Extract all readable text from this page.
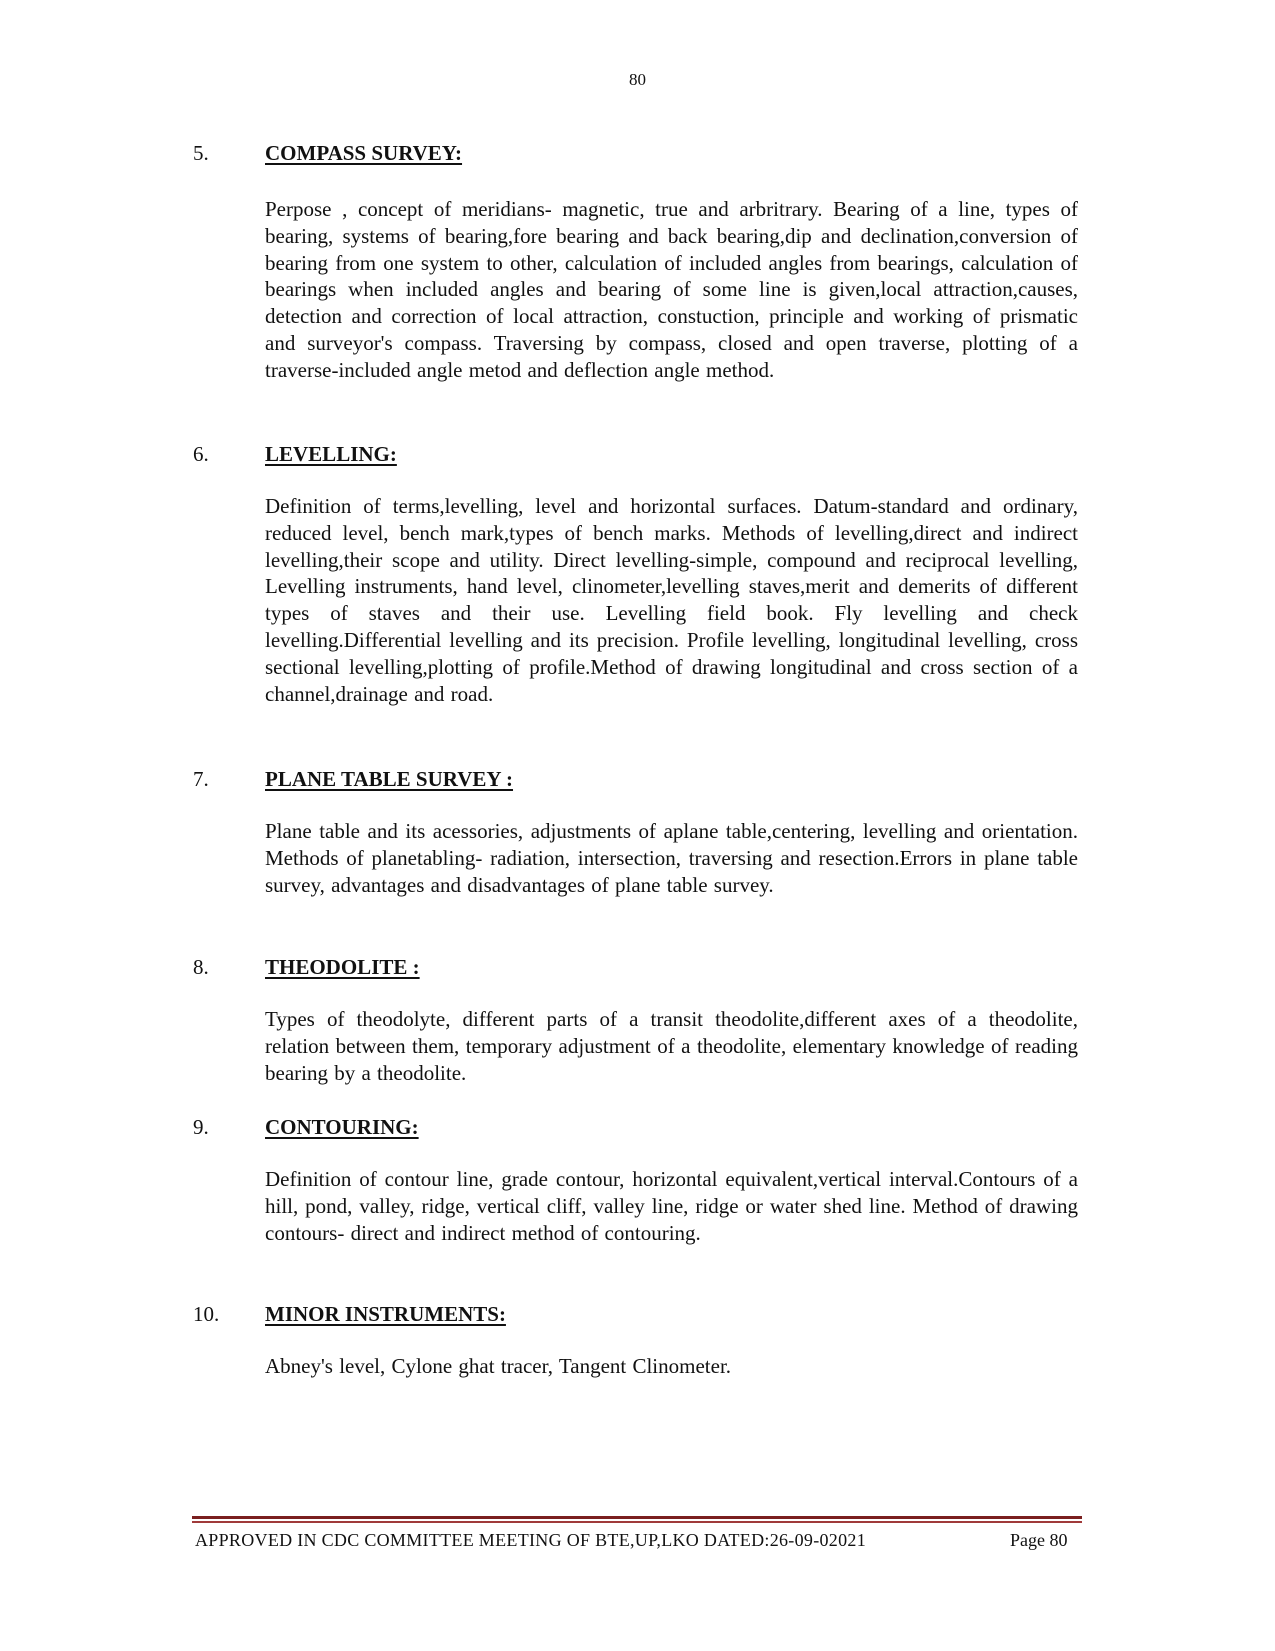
80
5.	COMPASS SURVEY:
Perpose , concept of meridians- magnetic, true and arbritrary. Bearing of a line, types of bearing, systems of bearing,fore bearing and back bearing,dip and declination,conversion of bearing from one system to other, calculation of included angles from bearings, calculation of bearings when included angles and bearing of some line is given,local attraction,causes, detection and correction of local attraction, constuction, principle and working of prismatic and surveyor's compass. Traversing by compass, closed and open traverse, plotting of a traverse-included angle metod and deflection angle method.
6.	LEVELLING:
Definition of terms,levelling, level and horizontal surfaces. Datum-standard and ordinary, reduced level, bench mark,types of bench marks. Methods of levelling,direct and indirect levelling,their scope and utility. Direct levelling-simple, compound and reciprocal levelling, Levelling instruments, hand level, clinometer,levelling staves,merit and demerits of different types of staves and their use. Levelling field book. Fly levelling and check levelling.Differential levelling and its precision. Profile levelling, longitudinal levelling, cross sectional levelling,plotting of profile.Method of drawing longitudinal and cross section of a channel,drainage and road.
7.	PLANE TABLE SURVEY :
Plane table and its acessories, adjustments of aplane table,centering, levelling and orientation. Methods of planetabling- radiation, intersection, traversing and resection.Errors in plane table survey, advantages and disadvantages of plane table survey.
8.	THEODOLITE :
Types of theodolyte, different parts of a transit theodolite,different axes of a theodolite, relation between them, temporary adjustment of a theodolite, elementary knowledge of reading bearing by a theodolite.
9.	CONTOURING:
Definition of contour line, grade contour, horizontal equivalent,vertical interval.Contours of a hill, pond, valley, ridge, vertical cliff, valley line, ridge or water shed line. Method of drawing contours- direct and indirect method of contouring.
10. MINOR INSTRUMENTS:
Abney's level, Cylone ghat tracer, Tangent Clinometer.
APPROVED IN CDC COMMITTEE MEETING OF BTE,UP,LKO DATED:26-09-02021	Page 80
